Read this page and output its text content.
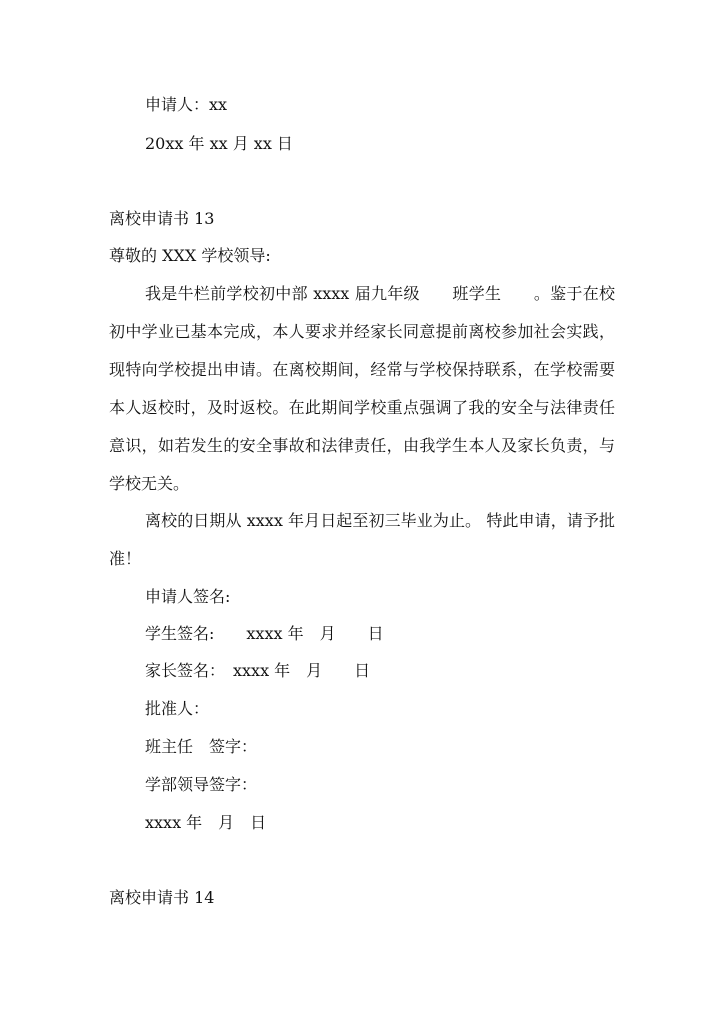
申请人：xx
20xx 年 xx 月 xx 日
离校申请书 13
尊敬的 XXX 学校领导:

我是牛栏前学校初中部 xxxx 届九年级　　班学生　　。鉴于在校初中学业已基本完成，本人要求并经家长同意提前离校参加社会实践，现特向学校提出申请。在离校期间，经常与学校保持联系，在学校需要本人返校时，及时返校。在此期间学校重点强调了我的安全与法律责任意识，如若发生的安全事故和法律责任，由我学生本人及家长负责，与学校无关。

离校的日期从 xxxx 年月日起至初三毕业为止。 特此申请，请予批准！

申请人签名:
学生签名:　　xxxx 年　月　　日
家长签名：　xxxx 年　月　　日
批准人：
班主任　签字：
学部领导签字：
xxxx 年　月　日
离校申请书 14
